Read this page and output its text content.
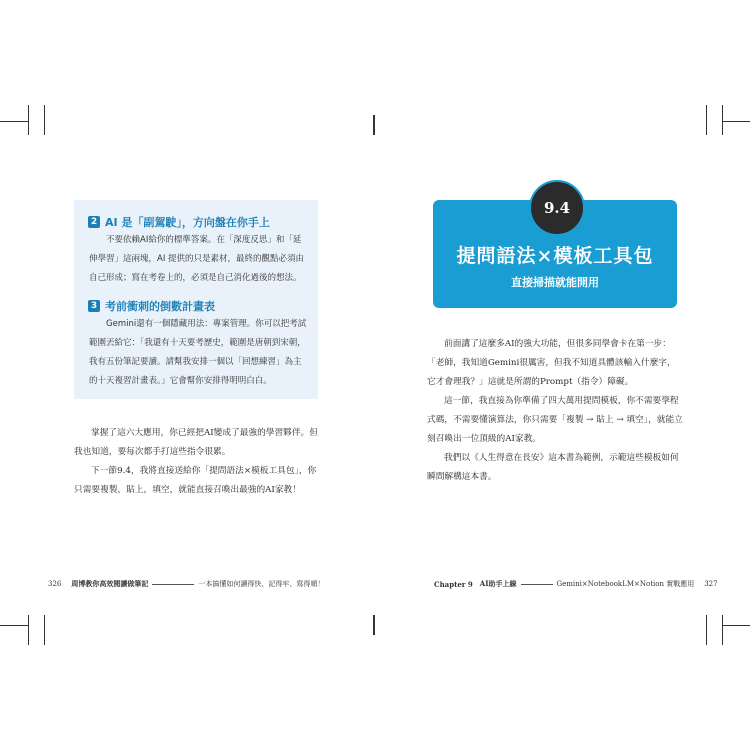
2 AI 是「副駕駛」，方向盤在你手上

不要依賴AI給你的標準答案。在「深度反思」和「延伸學習」這兩塊，AI 提供的只是素材，最終的觀點必須由自己形成；寫在考卷上的，必須是自己消化過後的想法。

3 考前衝刺的倒數計畫表

Gemini還有一個隱藏用法：專案管理。你可以把考試範圍丟給它：「我還有十天要考歷史，範圍是唐朝到宋朝，我有五份筆記要讀。請幫我安排一個以「回想練習」為主的十天複習計畫表。」它會幫你安排得明明白白。

掌握了這六大應用，你已經把AI變成了最強的學習夥伴。但我也知道，要每次都手打這些指令很累。

下一節9.4，我將直接送給你「提問語法×模板工具包」，你只需要複製，貼上，填空，就能直接召喚出最強的AI家教！

326 周博教你高效閱讀做筆記	一本搞懂如何讀得快、記得牢、寫得順！
提問語法×模板工具包
直接掃描就能開用
9.4

前面講了這麼多AI的強大功能，但很多同學會卡在第一步：「老師，我知道Gemini很厲害，但我不知道具體該輸入什麼字，它才會理我？」這就是所謂的Prompt（指令）障礙。

這一節，我直接為你準備了四大萬用提問模板，你不需要學程式碼，不需要懂演算法，你只需要「複製 → 貼上 → 填空」，就能立刻召喚出一位頂級的AI家教。

我們以《人生得意在長安》這本書為範例，示範這些模板如何瞬間解構這本書。

Chapter 9 AI助手上線	Gemini×NotebookLM×Notion 實戰應用 327
